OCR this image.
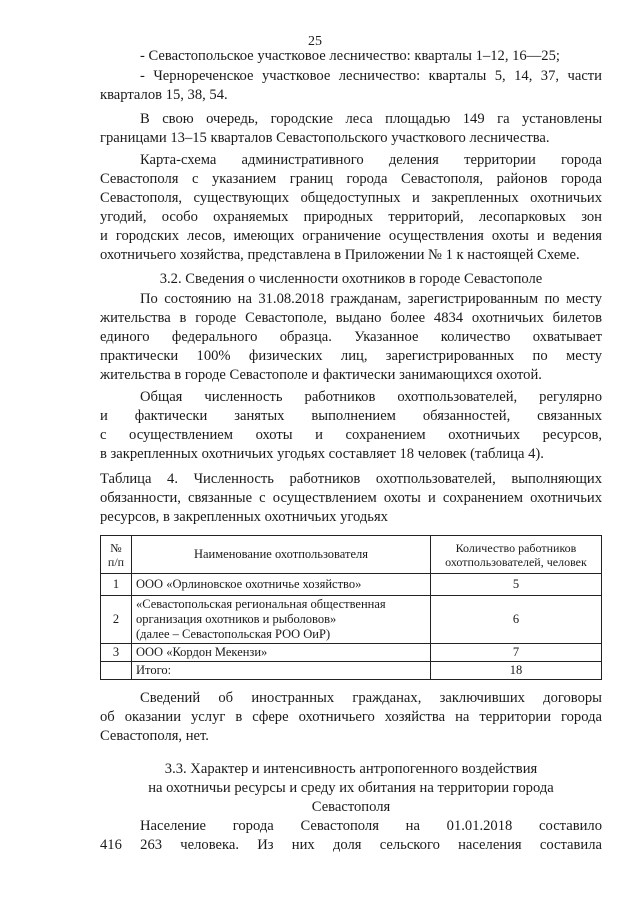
25

- Севастопольское участковое лесничество: кварталы 1–12, 16—25;

- Чернореченское участковое лесничество: кварталы 5, 14, 37, части

кварталов 15, 38, 54.

В свою очередь, городские леса площадью 149 га установлены

границами 13–15 кварталов Севастопольского участкового лесничества.

Карта-схема административного деления территории города

Севастополя с указанием границ города Севастополя, районов города

Севастополя, существующих общедоступных и закрепленных охотничьих

угодий, особо охраняемых природных территорий, лесопарковых зон

и городских лесов, имеющих ограничение осуществления охоты и ведения

охотничьего хозяйства, представлена в Приложении № 1 к настоящей Схеме.

3.2. Сведения о численности охотников в городе Севастополе

По состоянию на 31.08.2018 гражданам, зарегистрированным по месту

жительства в городе Севастополе, выдано более 4834 охотничьих билетов

единого федерального образца. Указанное количество охватывает

практически 100% физических лиц, зарегистрированных по месту

жительства в городе Севастополе и фактически занимающихся охотой.

Общая численность работников охотпользователей, регулярно

и фактически занятых выполнением обязанностей, связанных

с осуществлением охоты и сохранением охотничьих ресурсов,

в закрепленных охотничьих угодьях составляет 18 человек (таблица 4).

Таблица 4. Численность работников охотпользователей, выполняющих

обязанности, связанные с осуществлением охоты и сохранением охотничьих

ресурсов, в закрепленных охотничьих угодьях

№ п/п	Наименование охотпользователя	Количество работников охотпользователей, человек
1	ООО «Орлиновское охотничье хозяйство»	5
2	«Севастопольская региональная общественная
организация охотников и рыболовов»
(далее – Севастопольская РОО ОиР)	6
3	ООО «Кордон Мекензи»	7
	Итого:	18

Сведений об иностранных гражданах, заключивших договоры

об оказании услуг в сфере охотничьего хозяйства на территории города

Севастополя, нет.

3.3. Характер и интенсивность антропогенного воздействия
на охотничьи ресурсы и среду их обитания на территории города
Севастополя

Население города Севастополя на 01.01.2018 составило

416 263 человека. Из них доля сельского населения составила
